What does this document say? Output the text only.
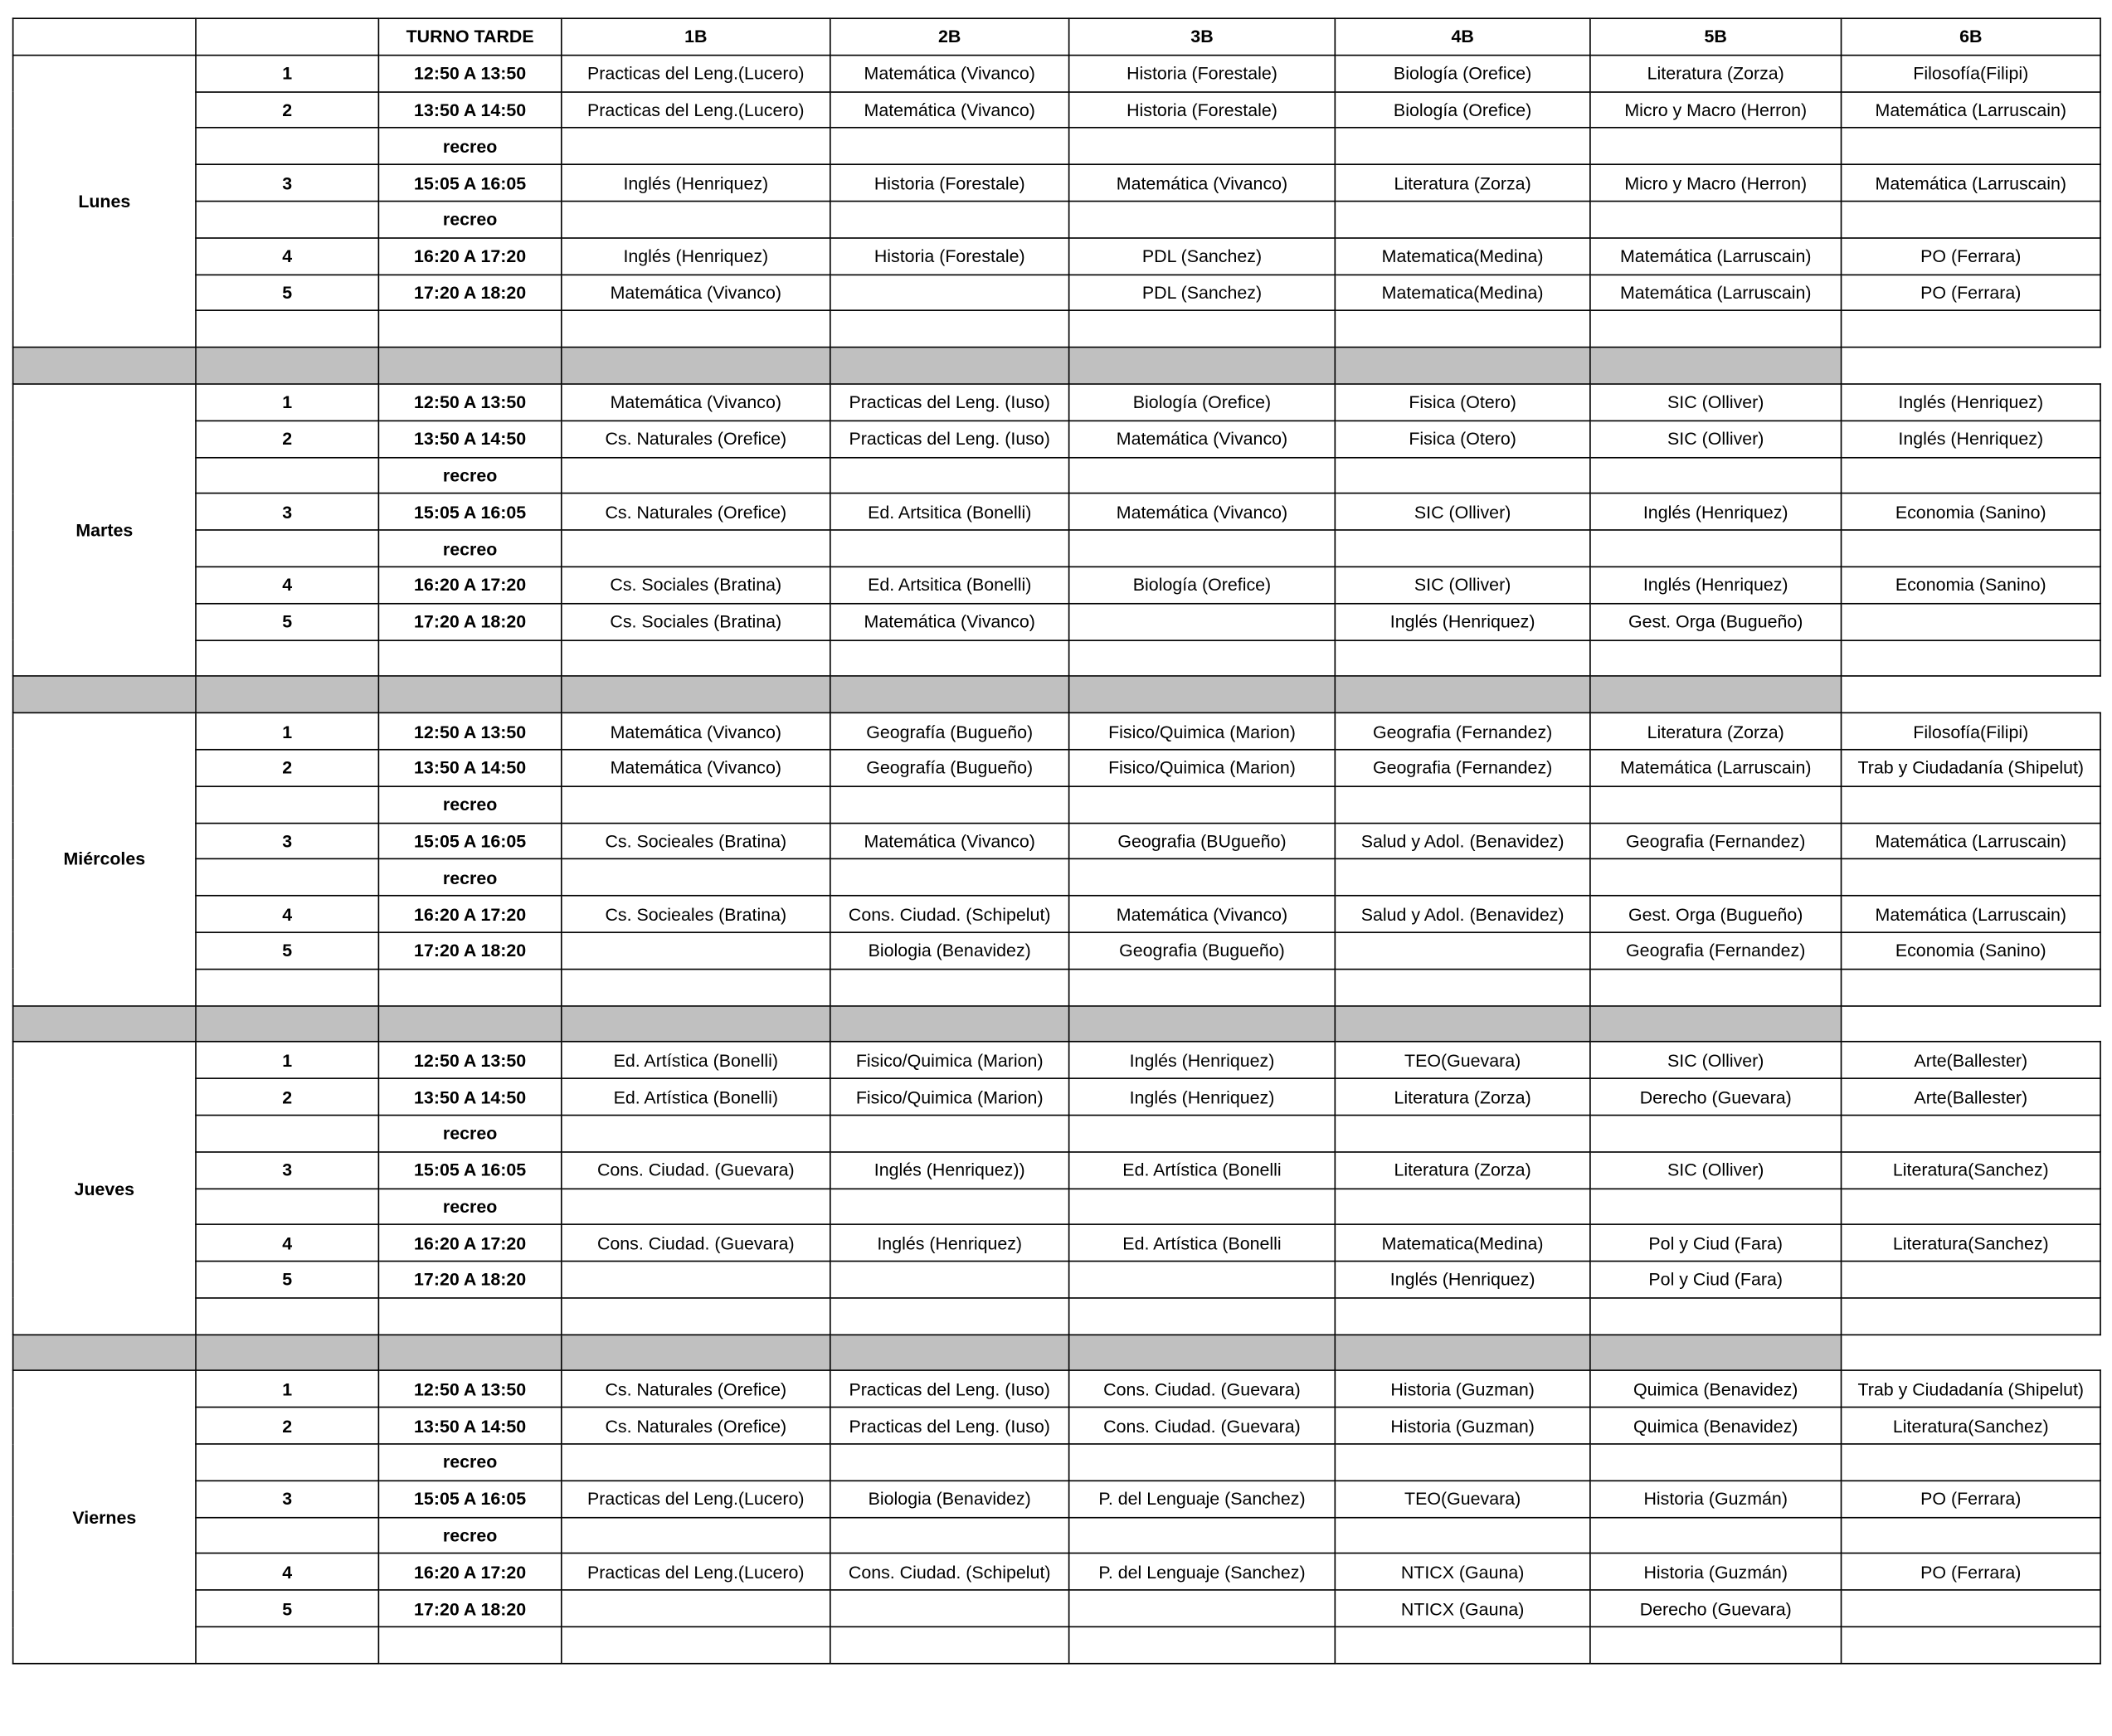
		TURNO TARDE	1B	2B	3B	4B	5B	6B
Lunes	1	12:50 A 13:50	Practicas del Leng.(Lucero)	Matemática (Vivanco)	Historia (Forestale)	Biología (Orefice)	Literatura (Zorza)	Filosofía(Filipi)
	2	13:50 A 14:50	Practicas del Leng.(Lucero)	Matemática (Vivanco)	Historia (Forestale)	Biología (Orefice)	Micro y Macro (Herron)	Matemática (Larruscain)
		recreo						
	3	15:05 A 16:05	Inglés (Henriquez)	Historia (Forestale)	Matemática (Vivanco)	Literatura (Zorza)	Micro y Macro (Herron)	Matemática (Larruscain)
		recreo						
	4	16:20 A 17:20	Inglés (Henriquez)	Historia (Forestale)	PDL (Sanchez)	Matematica(Medina)	Matemática (Larruscain)	PO (Ferrara)
	5	17:20 A 18:20	Matemática (Vivanco)		PDL (Sanchez)	Matematica(Medina)	Matemática (Larruscain)	PO (Ferrara)

Martes	1	12:50 A 13:50	Matemática (Vivanco)	Practicas del Leng. (Iuso)	Biología (Orefice)	Fisica (Otero)	SIC (Olliver)	Inglés (Henriquez)
	2	13:50 A 14:50	Cs. Naturales (Orefice)	Practicas del Leng. (Iuso)	Matemática (Vivanco)	Fisica (Otero)	SIC (Olliver)	Inglés (Henriquez)
		recreo						
	3	15:05 A 16:05	Cs. Naturales (Orefice)	Ed. Artsitica (Bonelli)	Matemática (Vivanco)	SIC (Olliver)	Inglés (Henriquez)	Economia (Sanino)
		recreo						
	4	16:20 A 17:20	Cs. Sociales (Bratina)	Ed. Artsitica (Bonelli)	Biología (Orefice)	SIC (Olliver)	Inglés (Henriquez)	Economia (Sanino)
	5	17:20 A 18:20	Cs. Sociales (Bratina)	Matemática (Vivanco)		Inglés (Henriquez)	Gest. Orga (Bugueño)	

Miércoles	1	12:50 A 13:50	Matemática (Vivanco)	Geografía (Bugueño)	Fisico/Quimica (Marion)	Geografia (Fernandez)	Literatura (Zorza)	Filosofía(Filipi)
	2	13:50 A 14:50	Matemática (Vivanco)	Geografía (Bugueño)	Fisico/Quimica (Marion)	Geografia (Fernandez)	Matemática (Larruscain)	Trab y Ciudadanía (Shipelut)
		recreo						
	3	15:05 A 16:05	Cs. Socieales (Bratina)	Matemática (Vivanco)	Geografia (BUgueño)	Salud y Adol. (Benavidez)	Geografia (Fernandez)	Matemática (Larruscain)
		recreo						
	4	16:20 A 17:20	Cs. Socieales (Bratina)	Cons. Ciudad. (Schipelut)	Matemática (Vivanco)	Salud y Adol. (Benavidez)	Gest. Orga (Bugueño)	Matemática (Larruscain)
	5	17:20 A 18:20		Biologia (Benavidez)	Geografia (Bugueño)		Geografia (Fernandez)	Economia (Sanino)

Jueves	1	12:50 A 13:50	Ed. Artística (Bonelli)	Fisico/Quimica (Marion)	Inglés (Henriquez)	TEO(Guevara)	SIC (Olliver)	Arte(Ballester)
	2	13:50 A 14:50	Ed. Artística (Bonelli)	Fisico/Quimica (Marion)	Inglés (Henriquez)	Literatura (Zorza)	Derecho (Guevara)	Arte(Ballester)
		recreo						
	3	15:05 A 16:05	Cons. Ciudad. (Guevara)	Inglés (Henriquez))	Ed. Artística (Bonelli	Literatura (Zorza)	SIC (Olliver)	Literatura(Sanchez)
		recreo						
	4	16:20 A 17:20	Cons. Ciudad. (Guevara)	Inglés (Henriquez)	Ed. Artística (Bonelli	Matematica(Medina)	Pol y Ciud (Fara)	Literatura(Sanchez)
	5	17:20 A 18:20				Inglés (Henriquez)	Pol y Ciud (Fara)	

Viernes	1	12:50 A 13:50	Cs. Naturales (Orefice)	Practicas del Leng. (Iuso)	Cons. Ciudad. (Guevara)	Historia (Guzman)	Quimica (Benavidez)	Trab y Ciudadanía (Shipelut)
	2	13:50 A 14:50	Cs. Naturales (Orefice)	Practicas del Leng. (Iuso)	Cons. Ciudad. (Guevara)	Historia (Guzman)	Quimica (Benavidez)	Literatura(Sanchez)
		recreo						
	3	15:05 A 16:05	Practicas del Leng.(Lucero)	Biologia (Benavidez)	P. del Lenguaje (Sanchez)	TEO(Guevara)	Historia (Guzmán)	PO (Ferrara)
		recreo						
	4	16:20 A 17:20	Practicas del Leng.(Lucero)	Cons. Ciudad. (Schipelut)	P. del Lenguaje (Sanchez)	NTICX (Gauna)	Historia (Guzmán)	PO (Ferrara)
	5	17:20 A 18:20				NTICX (Gauna)	Derecho (Guevara)	
